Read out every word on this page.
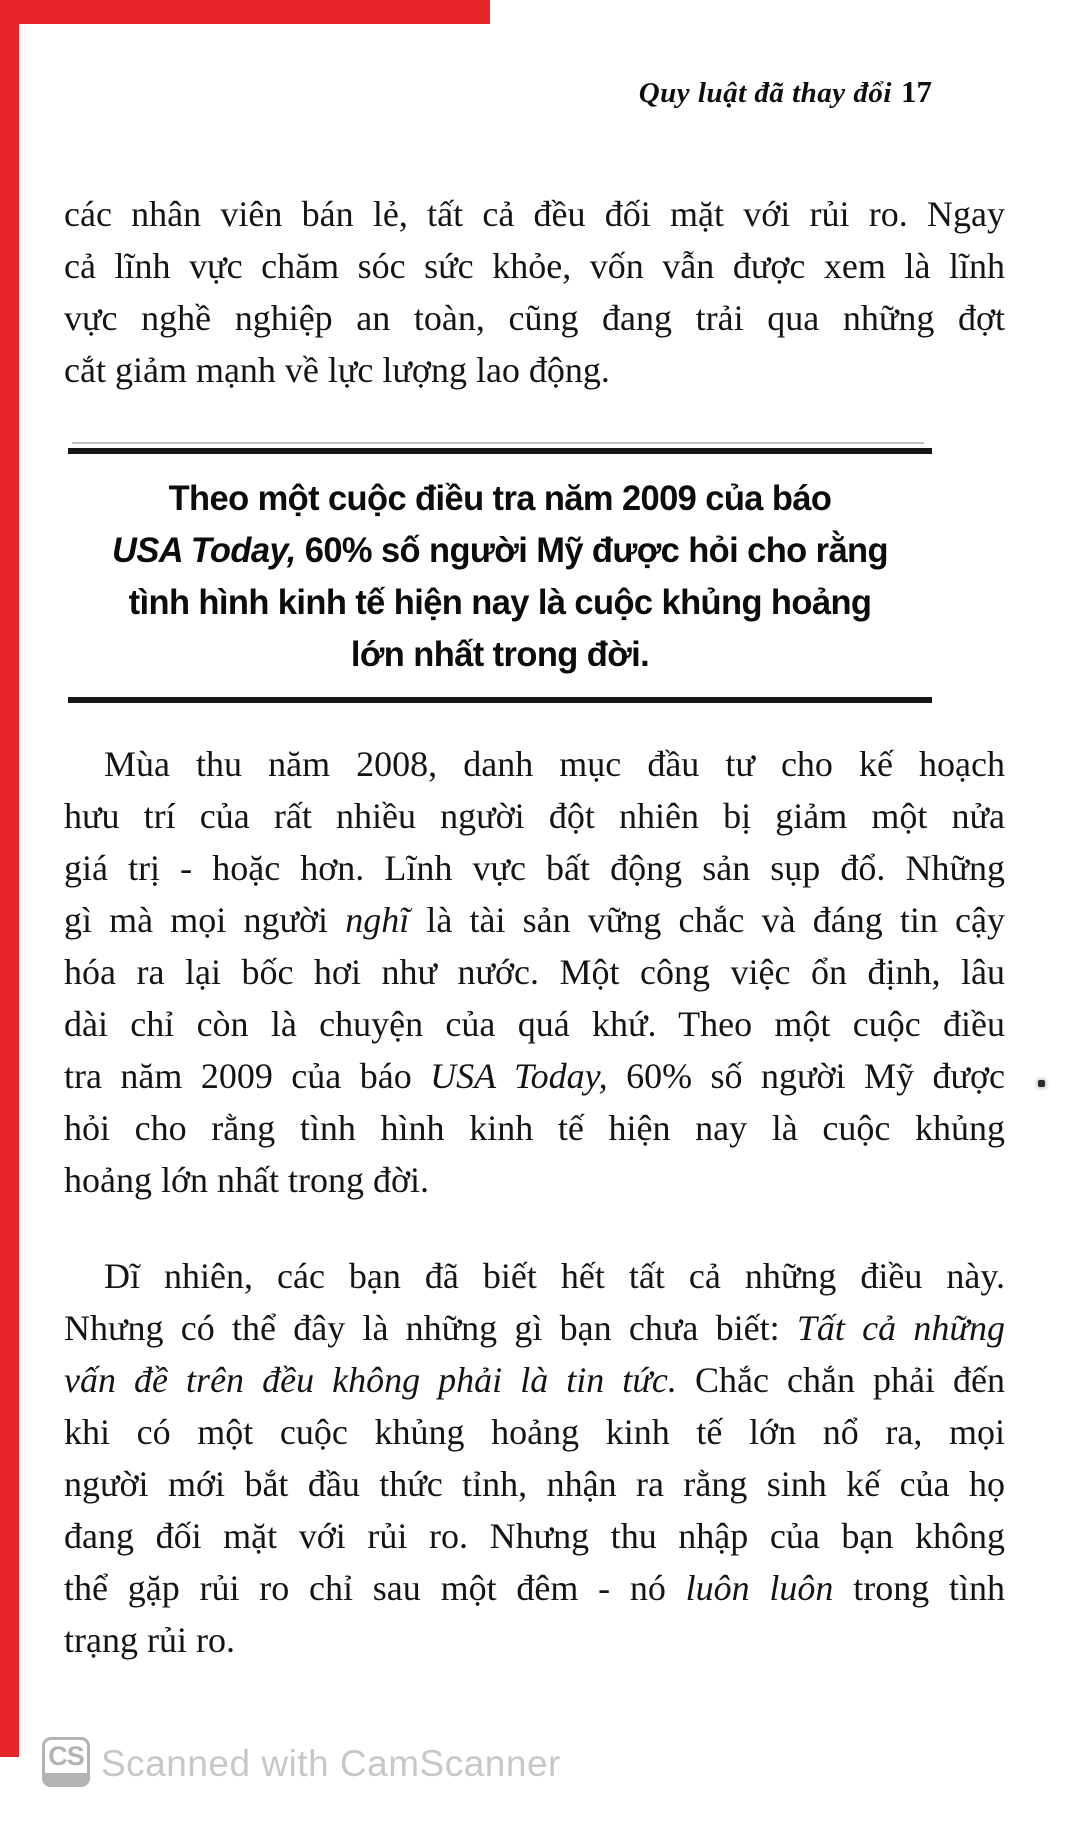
Quy luật đã thay đổi 17
các nhân viên bán lẻ, tất cả đều đối mặt với rủi ro. Ngay
cả lĩnh vực chăm sóc sức khỏe, vốn vẫn được xem là lĩnh
vực nghề nghiệp an toàn, cũng đang trải qua những đợt
cắt giảm mạnh về lực lượng lao động.
Theo một cuộc điều tra năm 2009 của báo
USA Today, 60% số người Mỹ được hỏi cho rằng
tình hình kinh tế hiện nay là cuộc khủng hoảng
lớn nhất trong đời.
Mùa thu năm 2008, danh mục đầu tư cho kế hoạch
hưu trí của rất nhiều người đột nhiên bị giảm một nửa
giá trị - hoặc hơn. Lĩnh vực bất động sản sụp đổ. Những
gì mà mọi người nghĩ là tài sản vững chắc và đáng tin cậy
hóa ra lại bốc hơi như nước. Một công việc ổn định, lâu
dài chỉ còn là chuyện của quá khứ. Theo một cuộc điều
tra năm 2009 của báo USA Today, 60% số người Mỹ được
hỏi cho rằng tình hình kinh tế hiện nay là cuộc khủng
hoảng lớn nhất trong đời.
Dĩ nhiên, các bạn đã biết hết tất cả những điều này.
Nhưng có thể đây là những gì bạn chưa biết: Tất cả những
vấn đề trên đều không phải là tin tức. Chắc chắn phải đến
khi có một cuộc khủng hoảng kinh tế lớn nổ ra, mọi
người mới bắt đầu thức tỉnh, nhận ra rằng sinh kế của họ
đang đối mặt với rủi ro. Nhưng thu nhập của bạn không
thể gặp rủi ro chỉ sau một đêm - nó luôn luôn trong tình
trạng rủi ro.
CS Scanned with CamScanner
